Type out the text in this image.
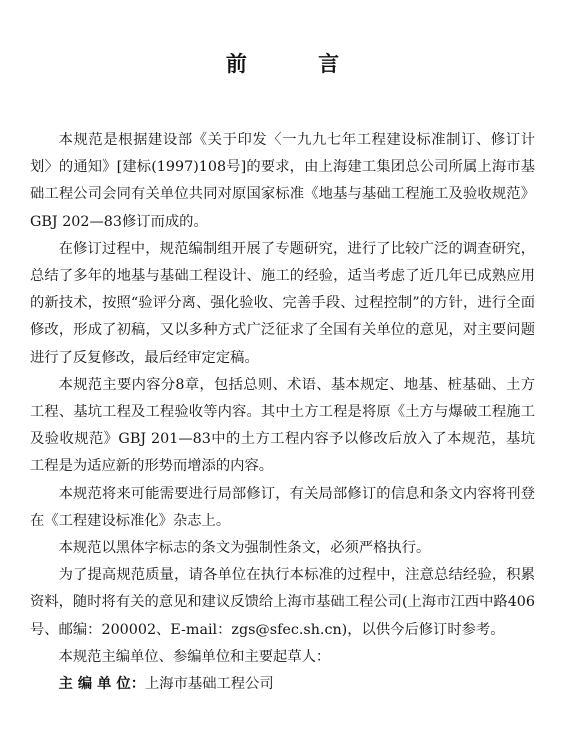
前 言

本规范是根据建设部《关于印发〈一九九七年工程建设标准制订、修订计划〉的通知》[建标(1997)108号]的要求，由上海建工集团总公司所属上海市基础工程公司会同有关单位共同对原国家标准《地基与基础工程施工及验收规范》GBJ 202—83修订而成的。

在修订过程中，规范编制组开展了专题研究，进行了比较广泛的调查研究，总结了多年的地基与基础工程设计、施工的经验，适当考虑了近几年已成熟应用的新技术，按照“验评分离、强化验收、完善手段、过程控制”的方针，进行全面修改，形成了初稿，又以多种方式广泛征求了全国有关单位的意见，对主要问题进行了反复修改，最后经审定定稿。

本规范主要内容分8章，包括总则、术语、基本规定、地基、桩基础、土方工程、基坑工程及工程验收等内容。其中土方工程是将原《土方与爆破工程施工及验收规范》GBJ 201—83中的土方工程内容予以修改后放入了本规范，基坑工程是为适应新的形势而增添的内容。

本规范将来可能需要进行局部修订，有关局部修订的信息和条文内容将刊登在《工程建设标准化》杂志上。

本规范以黑体字标志的条文为强制性条文，必须严格执行。

为了提高规范质量，请各单位在执行本标准的过程中，注意总结经验，积累资料，随时将有关的意见和建议反馈给上海市基础工程公司(上海市江西中路406号、邮编：200002、E-mail：zgs@sfec.sh.cn)，以供今后修订时参考。

本规范主编单位、参编单位和主要起草人：

主 编 单 位：上海市基础工程公司
